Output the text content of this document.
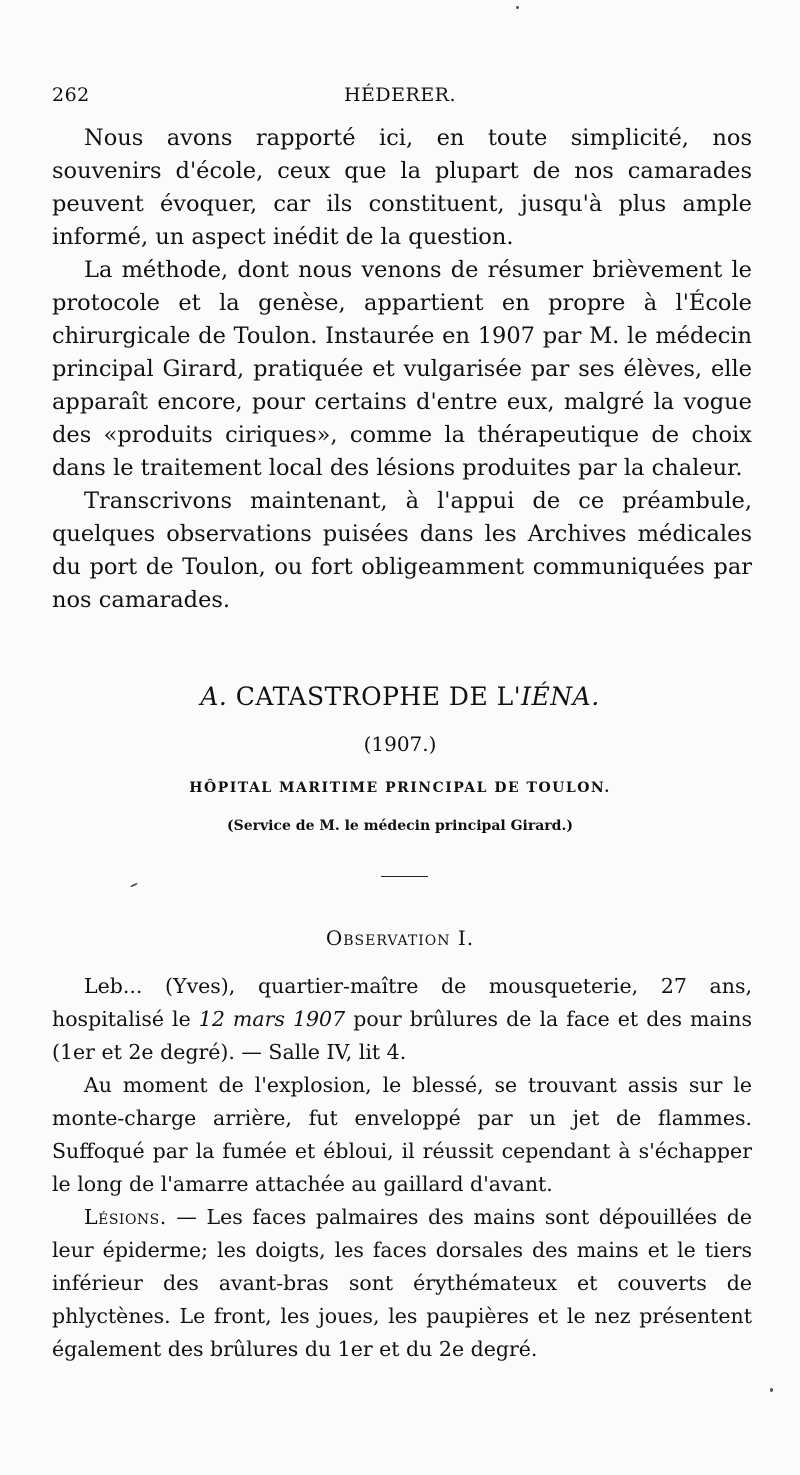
262	HÉDERER.

Nous avons rapporté ici, en toute simplicité, nos souvenirs d'école, ceux que la plupart de nos camarades peuvent évoquer, car ils constituent, jusqu'à plus ample informé, un aspect inédit de la question.

La méthode, dont nous venons de résumer brièvement le protocole et la genèse, appartient en propre à l'École chirurgicale de Toulon. Instaurée en 1907 par M. le médecin principal Girard, pratiquée et vulgarisée par ses élèves, elle apparaît encore, pour certains d'entre eux, malgré la vogue des «produits ciriques», comme la thérapeutique de choix dans le traitement local des lésions produites par la chaleur.

Transcrivons maintenant, à l'appui de ce préambule, quelques observations puisées dans les Archives médicales du port de Toulon, ou fort obligeamment communiquées par nos camarades.

A. CATASTROPHE DE L'IÉNA.
(1907.)
HÔPITAL MARITIME PRINCIPAL DE TOULON.
(Service de M. le médecin principal Girard.)
Observation I.

Leb... (Yves), quartier-maître de mousqueterie, 27 ans, hospitalisé le 12 mars 1907 pour brûlures de la face et des mains (1er et 2e degré). — Salle IV, lit 4.

Au moment de l'explosion, le blessé, se trouvant assis sur le monte-charge arrière, fut enveloppé par un jet de flammes. Suffoqué par la fumée et ébloui, il réussit cependant à s'échapper le long de l'amarre attachée au gaillard d'avant.

Lésions. — Les faces palmaires des mains sont dépouillées de leur épiderme; les doigts, les faces dorsales des mains et le tiers inférieur des avant-bras sont érythémateux et couverts de phlyctènes. Le front, les joues, les paupières et le nez présentent également des brûlures du 1er et du 2e degré.
